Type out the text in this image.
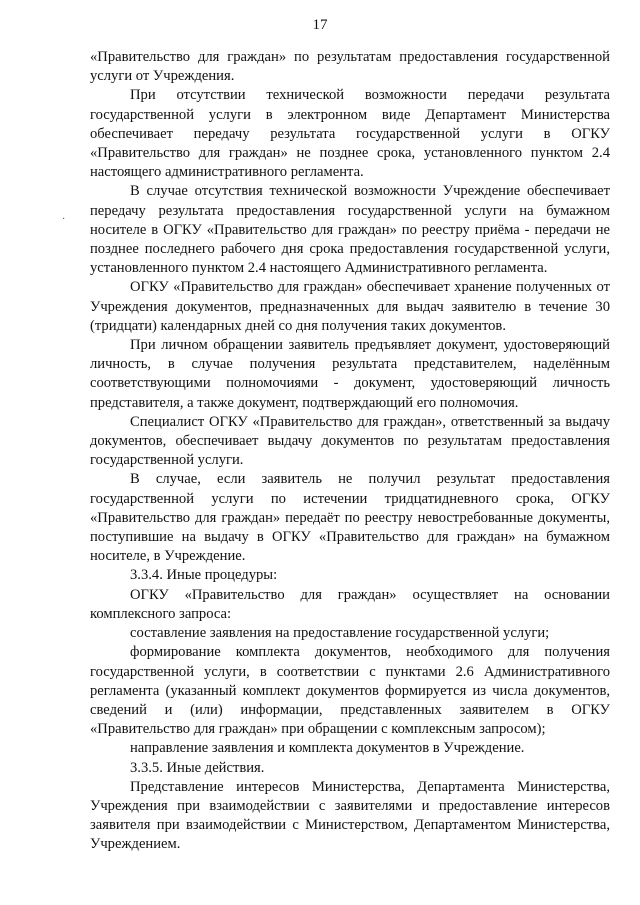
17
·

«Правительство для граждан» по результатам предоставления государственной услуги от Учреждения.

При отсутствии технической возможности передачи результата государственной услуги в электронном виде Департамент Министерства обеспечивает передачу результата государственной услуги в ОГКУ «Правительство для граждан» не позднее срока, установленного пунктом 2.4 настоящего административного регламента.

В случае отсутствия технической возможности Учреждение обеспечивает передачу результата предоставления государственной услуги на бумажном носителе в ОГКУ «Правительство для граждан» по реестру приёма - передачи не позднее последнего рабочего дня срока предоставления государственной услуги, установленного пунктом 2.4 настоящего Административного регламента.

ОГКУ «Правительство для граждан» обеспечивает хранение полученных от Учреждения документов, предназначенных для выдач заявителю в течение 30 (тридцати) календарных дней со дня получения таких документов.

При личном обращении заявитель предъявляет документ, удостоверяющий личность, в случае получения результата представителем, наделённым соответствующими полномочиями - документ, удостоверяющий личность представителя, а также документ, подтверждающий его полномочия.

Специалист ОГКУ «Правительство для граждан», ответственный за выдачу документов, обеспечивает выдачу документов по результатам предоставления государственной услуги.

В случае, если заявитель не получил результат предоставления государственной услуги по истечении тридцатидневного срока, ОГКУ «Правительство для граждан» передаёт по реестру невостребованные документы, поступившие на выдачу в ОГКУ «Правительство для граждан» на бумажном носителе, в Учреждение.

3.3.4. Иные процедуры:

ОГКУ «Правительство для граждан» осуществляет на основании комплексного запроса:

составление заявления на предоставление государственной услуги;

формирование комплекта документов, необходимого для получения государственной услуги, в соответствии с пунктами 2.6 Административного регламента (указанный комплект документов формируется из числа документов, сведений и (или) информации, представленных заявителем в ОГКУ «Правительство для граждан» при обращении с комплексным запросом);

направление заявления и комплекта документов в Учреждение.

3.3.5. Иные действия.

Представление интересов Министерства, Департамента Министерства, Учреждения при взаимодействии с заявителями и предоставление интересов заявителя при взаимодействии с Министерством, Департаментом Министерства, Учреждением.
